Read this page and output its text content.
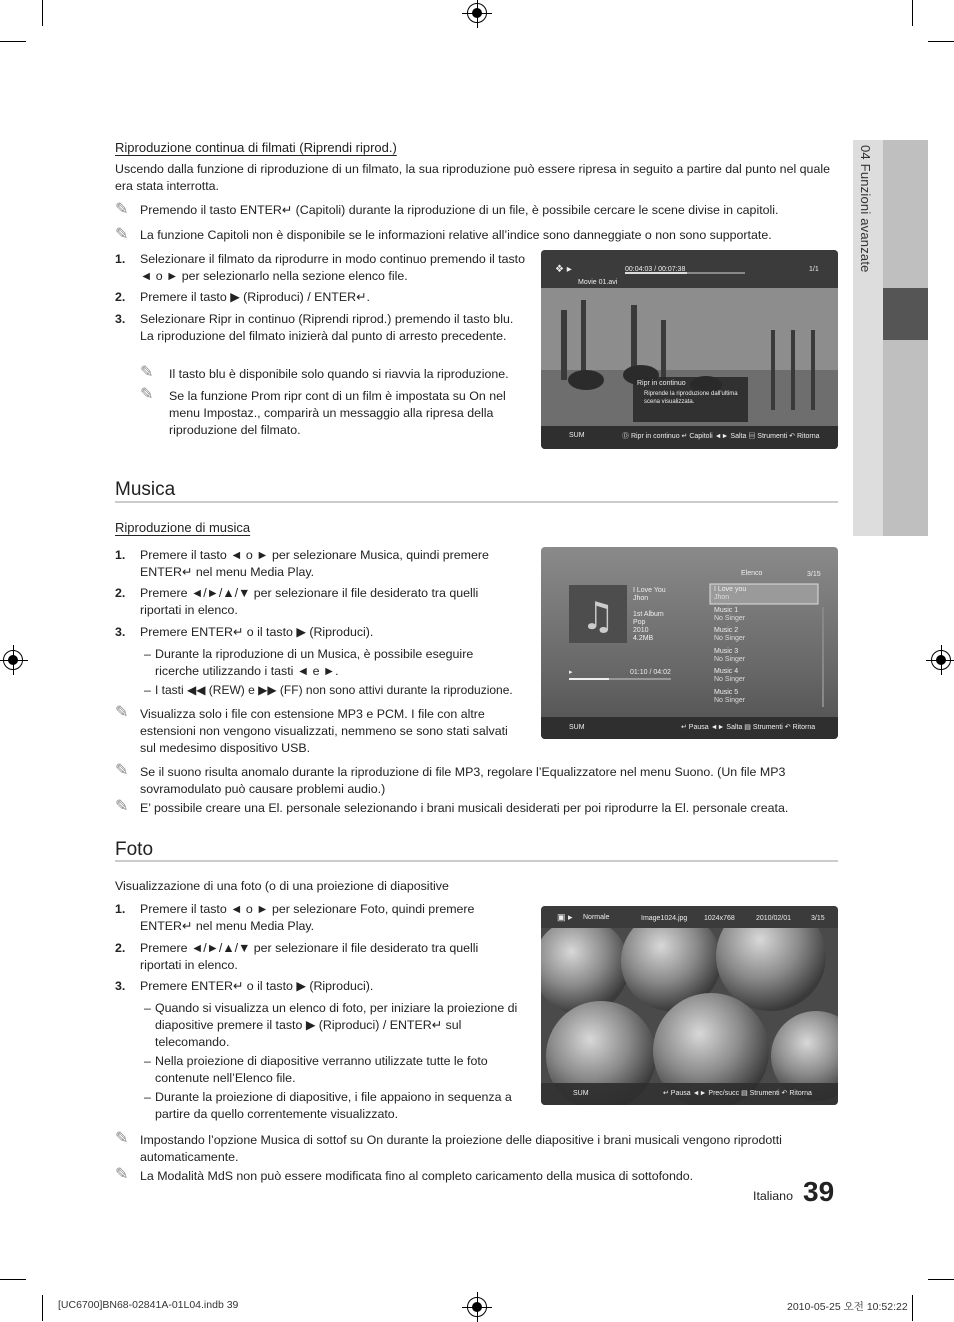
04 Funzioni avanzate
Riproduzione continua di filmati (Riprendi riprod.)
Uscendo dalla funzione di riproduzione di un filmato, la sua riproduzione può essere ripresa in seguito a partire dal punto nel quale era stata interrotta.
✎ Premendo il tasto ENTER↵ (Capitoli) durante la riproduzione di un file, è possibile cercare le scene divise in capitoli.
✎ La funzione Capitoli non è disponibile se le informazioni relative all’indice sono danneggiate o non sono supportate.
1. Selezionare il filmato da riprodurre in modo continuo premendo il tasto ◄ o ► per selezionarlo nella sezione elenco file.
2. Premere il tasto ▶ (Riproduci) / ENTER↵.
3. Selezionare Ripr in continuo (Riprendi riprod.) premendo il tasto blu. La riproduzione del filmato inizierà dal punto di arresto precedente.
✎ Il tasto blu è disponibile solo quando si riavvia la riproduzione.
✎ Se la funzione Prom ripr cont di un film è impostata su On nel menu Impostaz., comparirà un messaggio alla ripresa della riproduzione del filmato.
❖ ▸	00:04:03 / 00:07:38	1/1
Movie 01.avi
Ripr in continuo
Riprende la riproduzione dall'ultima scena visualizzata.
SUM	Ⓓ Ripr in continuo ↵ Capitoli ◄► Salta ▤ Strumenti ↶ Ritorna
Musica
Riproduzione di musica
1. Premere il tasto ◄ o ► per selezionare Musica, quindi premere ENTER↵ nel menu Media Play.
2. Premere ◄/►/▲/▼ per selezionare il file desiderato tra quelli riportati in elenco.
3. Premere ENTER↵ o il tasto ▶ (Riproduci).
– Durante la riproduzione di un Musica, è possibile eseguire ricerche utilizzando i tasti ◄ e ►.
– I tasti ◀◀ (REW) e ▶▶ (FF) non sono attivi durante la riproduzione.
✎ Visualizza solo i file con estensione MP3 e PCM. I file con altre estensioni non vengono visualizzati, nemmeno se sono stati salvati sul medesimo dispositivo USB.
✎ Se il suono risulta anomalo durante la riproduzione di file MP3, regolare l’Equalizzatore nel menu Suono. (Un file MP3 sovramodulato può causare problemi audio.)
✎ E’ possibile creare una El. personale selezionando i brani musicali desiderati per poi riprodurre la El. personale creata.
♫
Elenco	3/15
I Love You
Jhon
1st Album
Pop
2010
4.2MB
▸	01:10 / 04:02
I Love you
Jhon
Music 1
No Singer
Music 2
No Singer
Music 3
No Singer
Music 4
No Singer
Music 5
No Singer
SUM	↵ Pausa ◄► Salta ▤ Strumenti ↶ Ritorna
Foto
Visualizzazione di una foto (o di una proiezione di diapositive
1. Premere il tasto ◄ o ► per selezionare Foto, quindi premere ENTER↵ nel menu Media Play.
2. Premere ◄/►/▲/▼ per selezionare il file desiderato tra quelli riportati in elenco.
3. Premere ENTER↵ o il tasto ▶ (Riproduci).
– Quando si visualizza un elenco di foto, per iniziare la proiezione di diapositive premere il tasto ▶ (Riproduci) / ENTER↵ sul telecomando.
– Nella proiezione di diapositive verranno utilizzate tutte le foto contenute nell’Elenco file.
– Durante la proiezione di diapositive, i file appaiono in sequenza a partire da quello correntemente visualizzato.
✎ Impostando l’opzione Musica di sottof su On durante la proiezione delle diapositive i brani musicali vengono riprodotti automaticamente.
✎ La Modalità MdS non può essere modificata fino al completo caricamento della musica di sottofondo.
▣ ▸ Normale	Image1024.jpg 1024x768	2010/02/01	3/15
SUM	↵ Pausa ◄► Prec/succ ▤ Strumenti ↶ Ritorna
Italiano 39
[UC6700]BN68-02841A-01L04.indb 39	2010-05-25 오전 10:52:22
